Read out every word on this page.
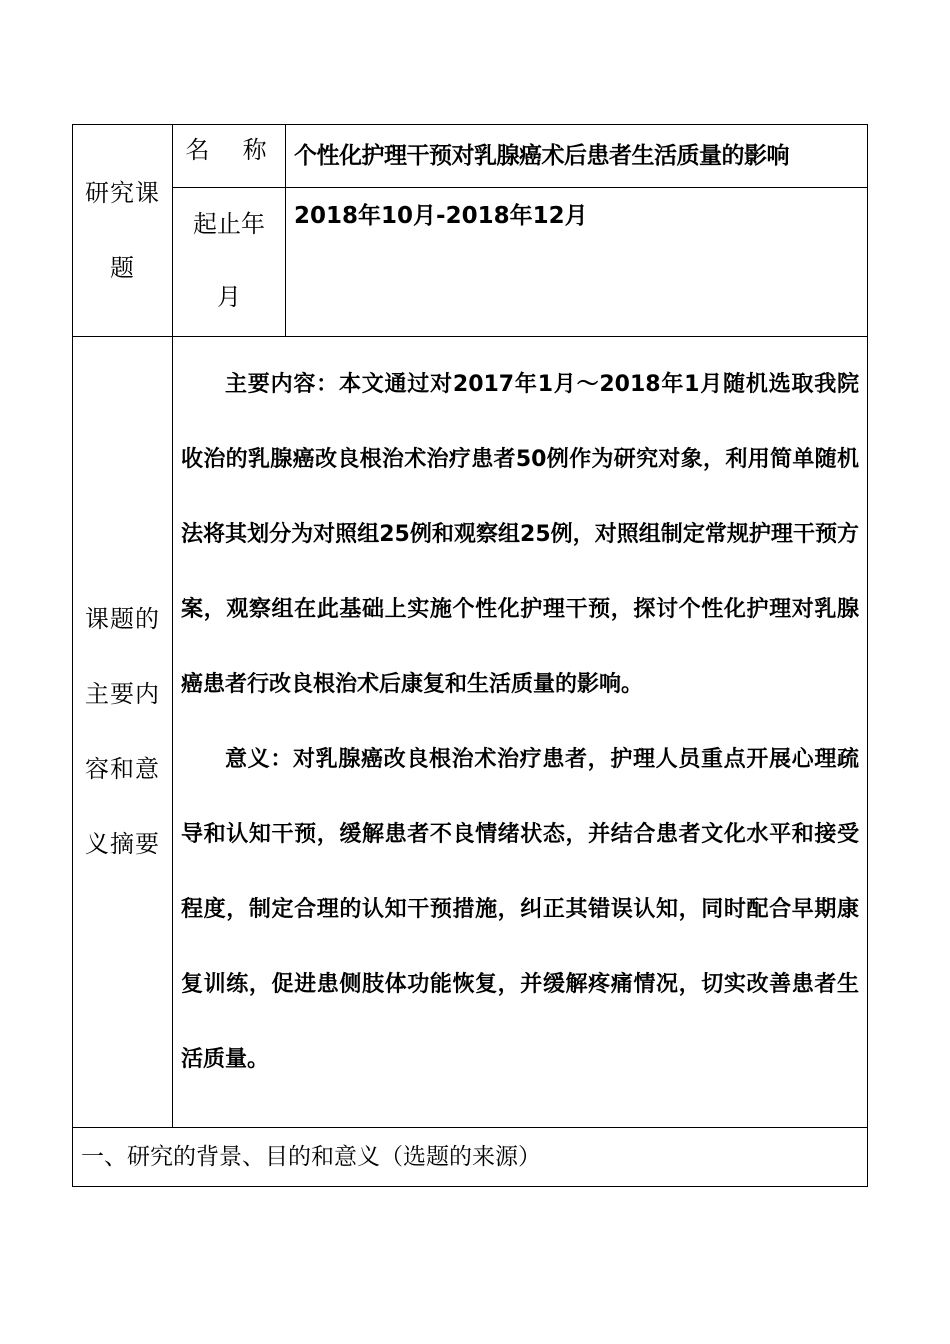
研究课题	名  称	个性化护理干预对乳腺癌术后患者生活质量的影响

	起止年月	2018年10月-2018年12月

课题的主要内容和意义摘要	主要内容：本文通过对2017年1月～2018年1月随机选取我院收治的乳腺癌改良根治术治疗患者50例作为研究对象，利用简单随机法将其划分为对照组25例和观察组25例，对照组制定常规护理干预方案，观察组在此基础上实施个性化护理干预，探讨个性化护理对乳腺癌患者行改良根治术后康复和生活质量的影响。

意义：对乳腺癌改良根治术治疗患者，护理人员重点开展心理疏导和认知干预，缓解患者不良情绪状态，并结合患者文化水平和接受程度，制定合理的认知干预措施，纠正其错误认知，同时配合早期康复训练，促进患侧肢体功能恢复，并缓解疼痛情况，切实改善患者生活质量。	

一、研究的背景、目的和意义（选题的来源）		
